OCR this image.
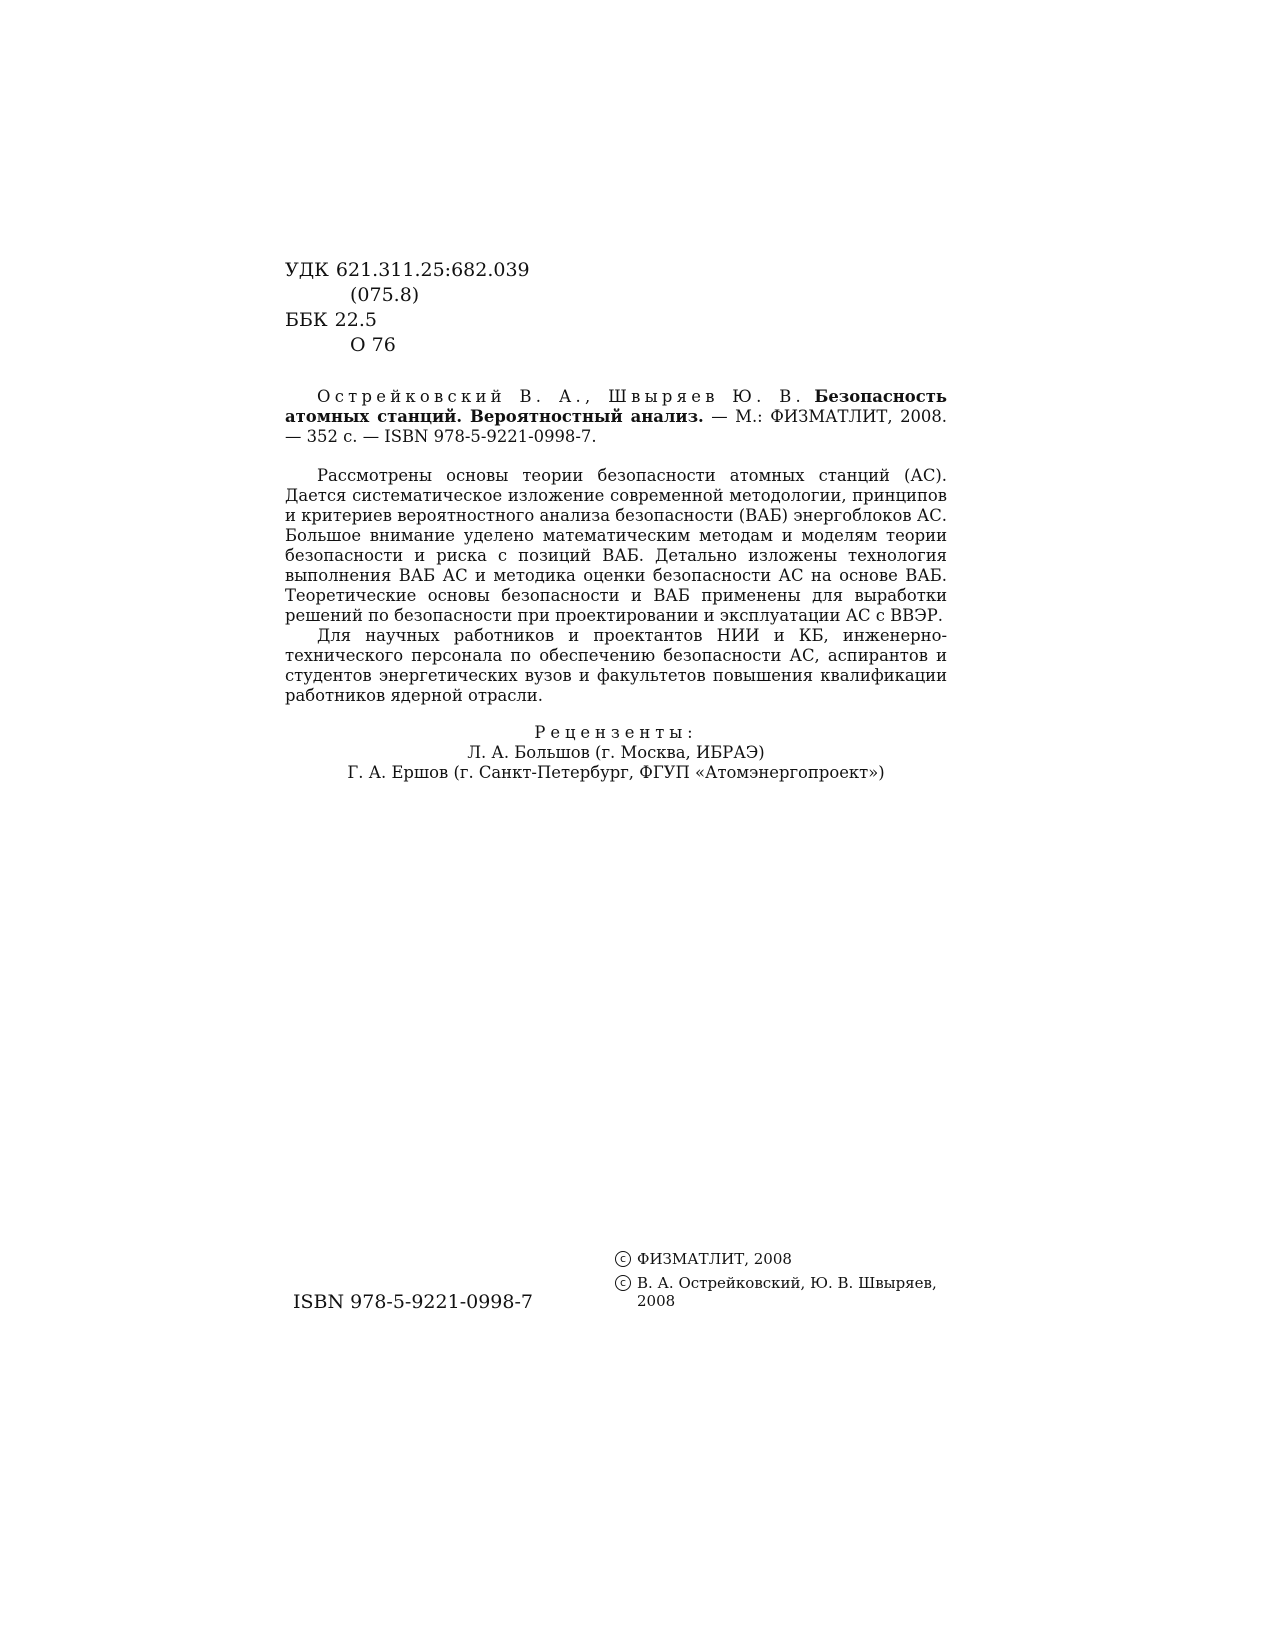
УДК 621.311.25:682.039
(075.8)
ББК 22.5
О 76

Острейковский В. А., Швыряев Ю. В. Безопасность атомных станций. Вероятностный анализ. — М.: ФИЗМАТЛИТ, 2008. — 352 с. — ISBN 978-5-9221-0998-7.

Рассмотрены основы теории безопасности атомных станций (АС). Дается систематическое изложение современной методологии, принципов и критериев вероятностного анализа безопасности (ВАБ) энергоблоков АС. Большое внимание уделено математическим методам и моделям теории безопасности и риска с позиций ВАБ. Детально изложены технология выполнения ВАБ АС и методика оценки безопасности АС на основе ВАБ. Теоретические основы безопасности и ВАБ применены для выработки решений по безопасности при проектировании и эксплуатации АС с ВВЭР.

Для научных работников и проектантов НИИ и КБ, инженерно-технического персонала по обеспечению безопасности АС, аспирантов и студентов энергетических вузов и факультетов повышения квалификации работников ядерной отрасли.

Рецензенты:
Л. А. Большов (г. Москва, ИБРАЭ)
Г. А. Ершов (г. Санкт-Петербург, ФГУП «Атомэнергопроект»)
ISBN 978-5-9221-0998-7
c ФИЗМАТЛИТ, 2008
c В. А. Острейковский, Ю. В. Швыряев, 2008
